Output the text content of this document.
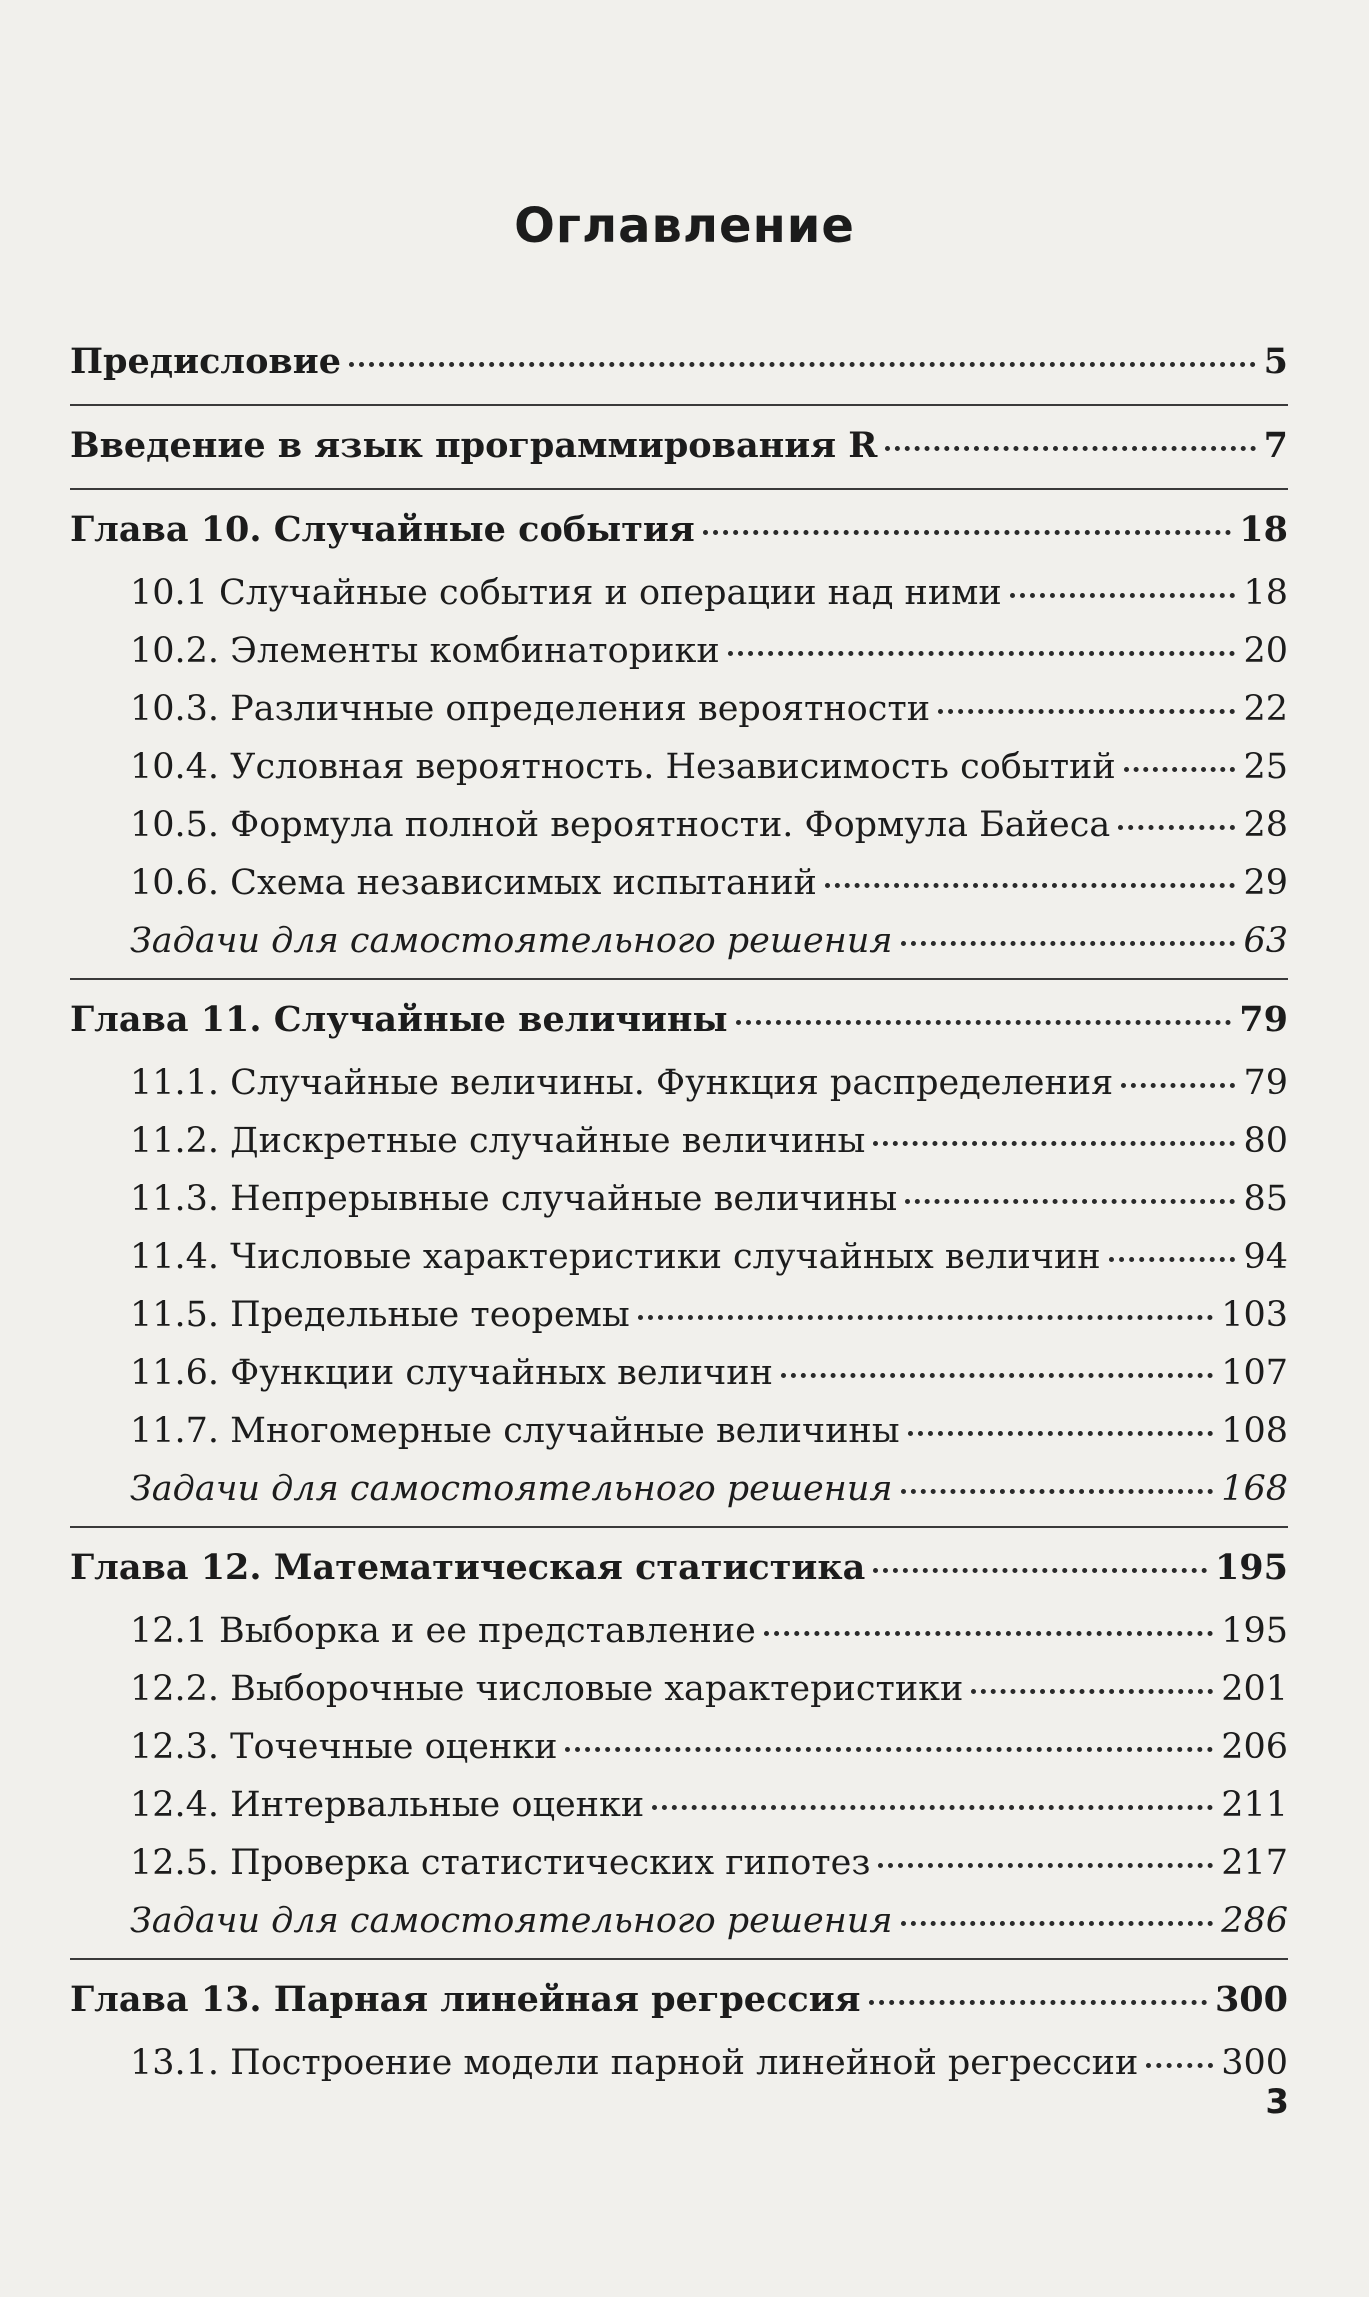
Оглавление
Предисловие	5
Введение в язык программирования R	7
Глава 10. Случайные события	18
10.1 Случайные события и операции над ними	18
10.2. Элементы комбинаторики	20
10.3. Различные определения вероятности	22
10.4. Условная вероятность. Независимость событий	25
10.5. Формула полной вероятности. Формула Байеса	28
10.6. Схема независимых испытаний	29
Задачи для самостоятельного решения	63
Глава 11. Случайные величины	79
11.1. Случайные величины. Функция распределения	79
11.2. Дискретные случайные величины	80
11.3. Непрерывные случайные величины	85
11.4. Числовые характеристики случайных величин	94
11.5. Предельные теоремы	103
11.6. Функции случайных величин	107
11.7. Многомерные случайные величины	108
Задачи для самостоятельного решения	168
Глава 12. Математическая статистика	195
12.1 Выборка и ее представление	195
12.2. Выборочные числовые характеристики	201
12.3. Точечные оценки	206
12.4. Интервальные оценки	211
12.5. Проверка статистических гипотез	217
Задачи для самостоятельного решения	286
Глава 13. Парная линейная регрессия	300
13.1. Построение модели парной линейной регрессии 300
3
